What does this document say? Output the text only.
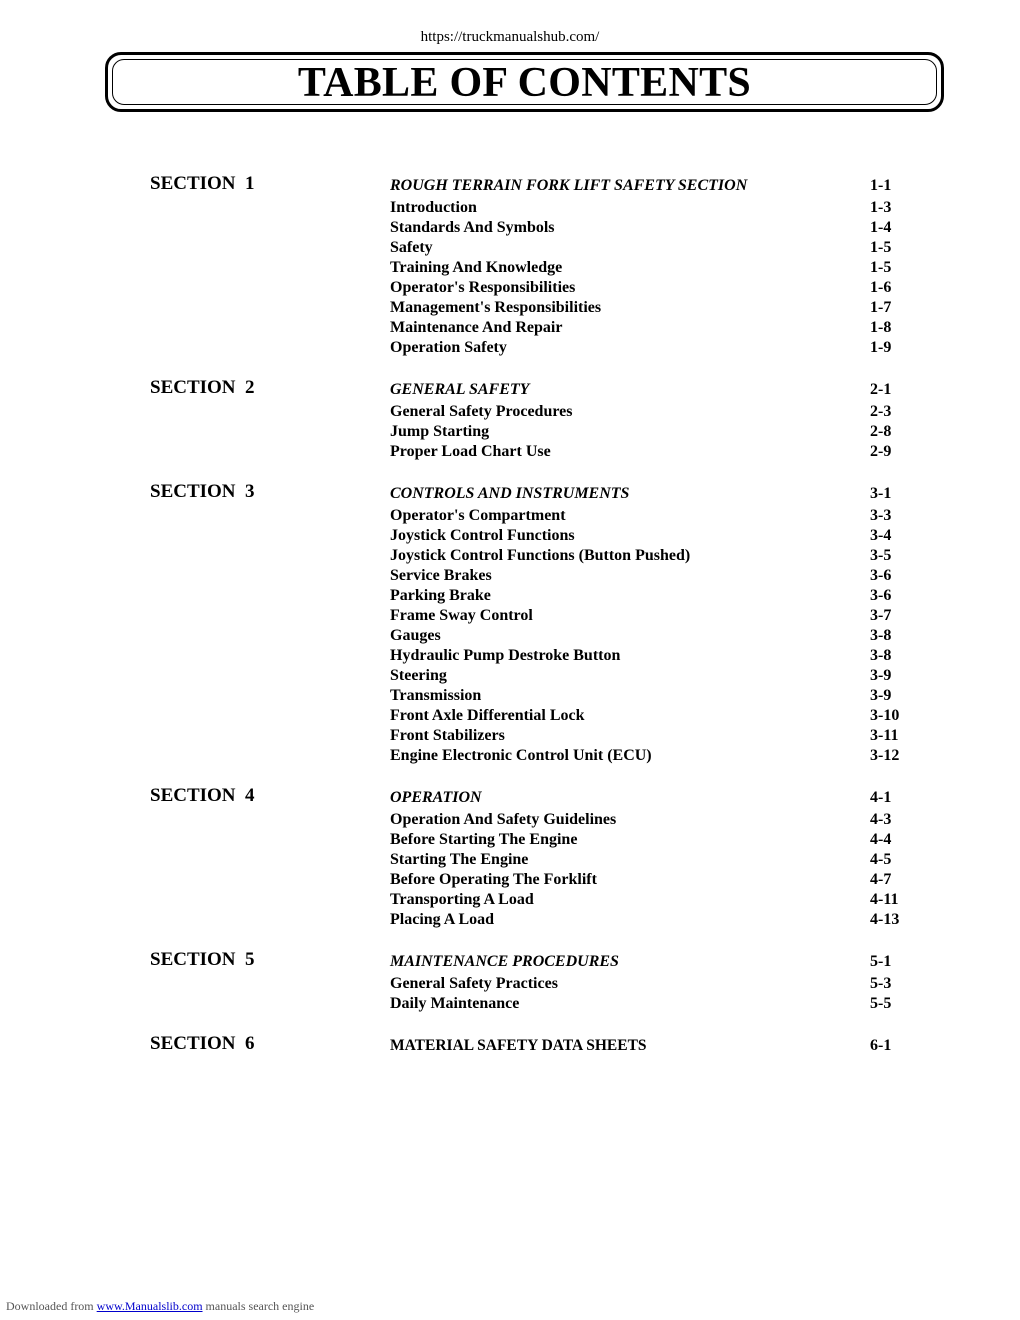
https://truckmanualshub.com/
TABLE OF CONTENTS
SECTION  1	ROUGH TERRAIN FORK LIFT SAFETY SECTION	1-1
Introduction	1-3
Standards And Symbols	1-4
Safety	1-5
Training And Knowledge	1-5
Operator's Responsibilities	1-6
Management's Responsibilities	1-7
Maintenance And Repair	1-8
Operation Safety	1-9
SECTION  2	GENERAL SAFETY	2-1
General Safety Procedures	2-3
Jump Starting	2-8
Proper Load Chart Use	2-9
SECTION  3	CONTROLS AND INSTRUMENTS	3-1
Operator's Compartment	3-3
Joystick Control Functions	3-4
Joystick Control Functions (Button Pushed)	3-5
Service Brakes	3-6
Parking Brake	3-6
Frame Sway Control	3-7
Gauges	3-8
Hydraulic Pump Destroke Button	3-8
Steering	3-9
Transmission	3-9
Front Axle Differential Lock	3-10
Front Stabilizers	3-11
Engine Electronic Control Unit (ECU)	3-12
SECTION  4	OPERATION	4-1
Operation And Safety Guidelines	4-3
Before Starting The Engine	4-4
Starting The Engine	4-5
Before Operating The Forklift	4-7
Transporting A Load	4-11
Placing A Load	4-13
SECTION  5	MAINTENANCE PROCEDURES	5-1
General Safety Practices	5-3
Daily Maintenance	5-5
SECTION  6	MATERIAL SAFETY DATA SHEETS	6-1
Downloaded from www.Manualslib.com manuals search engine
